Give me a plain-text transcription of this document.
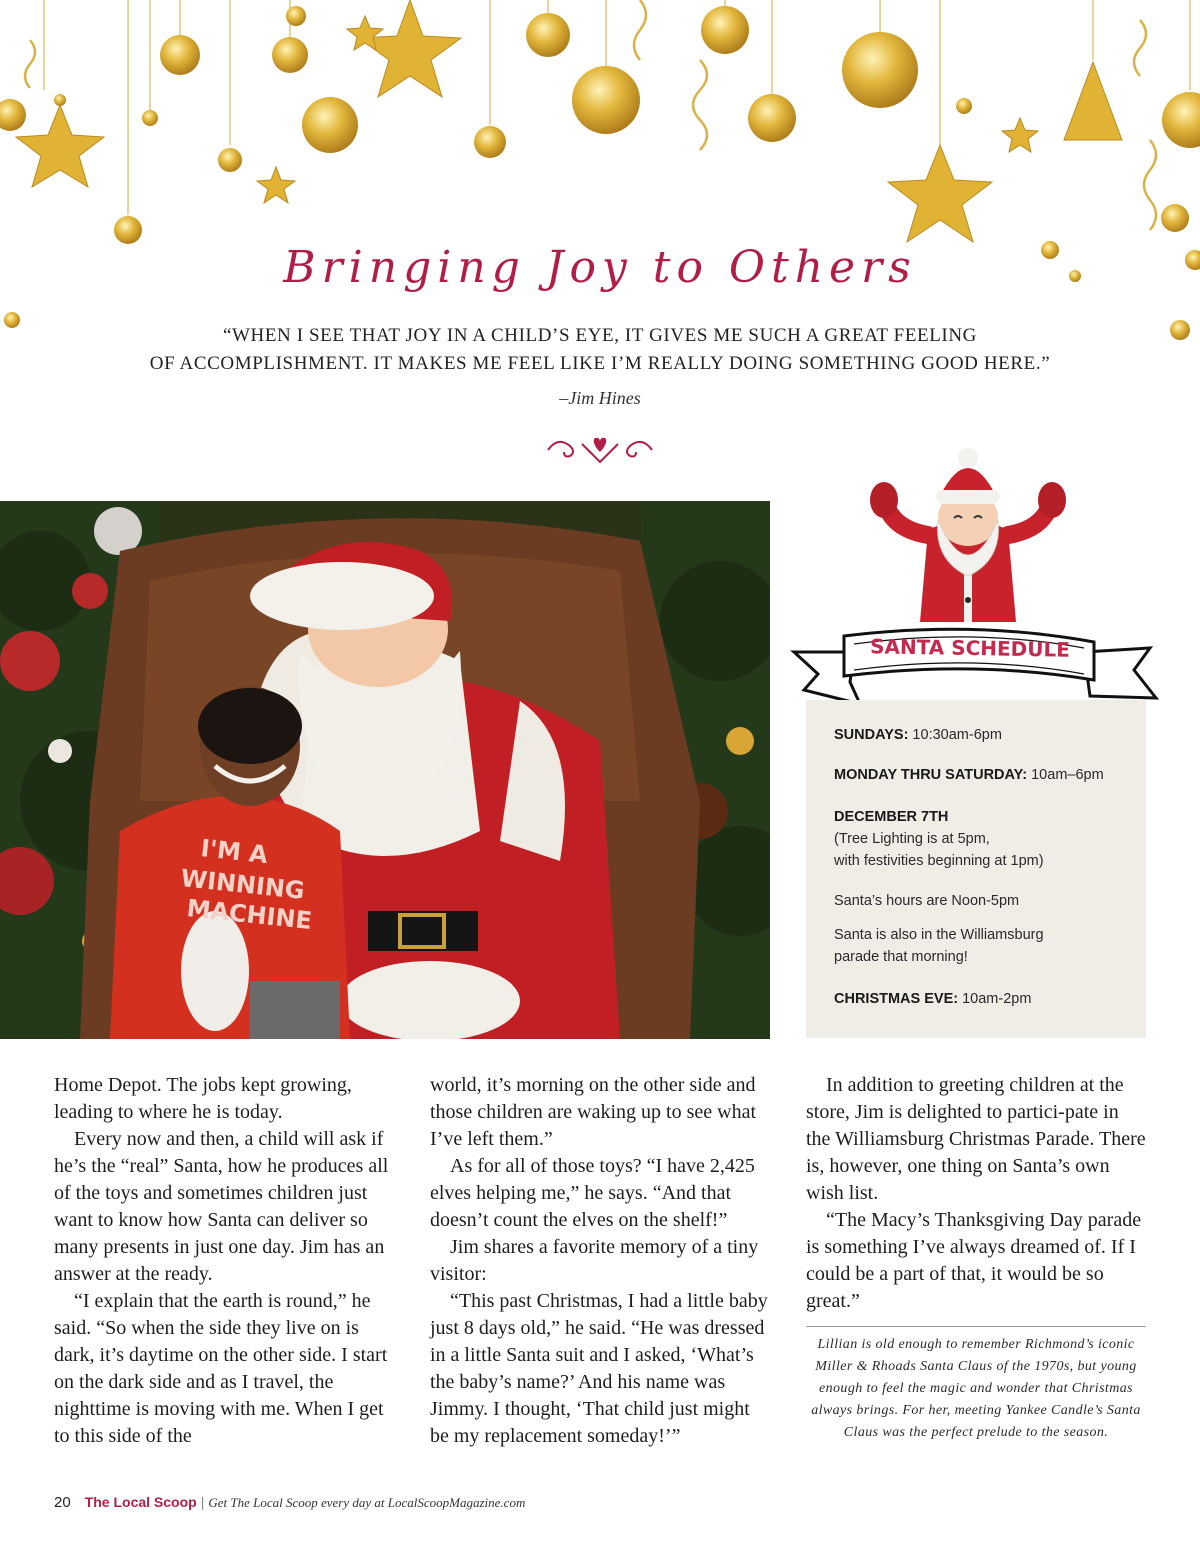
Bringing Joy to Others
“WHEN I SEE THAT JOY IN A CHILD’S EYE, IT GIVES ME SUCH A GREAT FEELING
OF ACCOMPLISHMENT. IT MAKES ME FEEL LIKE I’M REALLY DOING SOMETHING GOOD HERE.”
–Jim Hines
I'M A
WINNING
MACHINE
SANTA SCHEDULE
SUNDAYS: 10:30am-6pm
MONDAY THRU SATURDAY: 10am–6pm
DECEMBER 7TH
(Tree Lighting is at 5pm,
with festivities beginning at 1pm)
Santa’s hours are Noon-5pm
Santa is also in the Williamsburg
parade that morning!
CHRISTMAS EVE: 10am-2pm

Home Depot. The jobs kept growing, leading to where he is today.

Every now and then, a child will ask if he’s the “real” Santa, how he produces all of the toys and sometimes children just want to know how Santa can deliver so many presents in just one day. Jim has an answer at the ready.

“I explain that the earth is round,” he said. “So when the side they live on is dark, it’s daytime on the other side. I start on the dark side and as I travel, the nighttime is moving with me. When I get to this side of the

world, it’s morning on the other side and those children are waking up to see what I’ve left them.”

As for all of those toys? “I have 2,425 elves helping me,” he says. “And that doesn’t count the elves on the shelf!”

Jim shares a favorite memory of a tiny visitor:

“This past Christmas, I had a little baby just 8 days old,” he said. “He was dressed in a little Santa suit and I asked, ‘What’s the baby’s name?’ And his name was Jimmy. I thought, ‘That child just might be my replacement someday!’”

In addition to greeting children at the store, Jim is delighted to partici-pate in the Williamsburg Christmas Parade. There is, however, one thing on Santa’s own wish list.

“The Macy’s Thanksgiving Day parade is something I’ve always dreamed of. If I could be a part of that, it would be so great.”

Lillian is old enough to remember Richmond’s iconic Miller & Rhoads Santa Claus of the 1970s, but young enough to feel the magic and wonder that Christmas always brings. For her, meeting Yankee Candle’s Santa Claus was the perfect prelude to the season.
20 The Local Scoop | Get The Local Scoop every day at LocalScoopMagazine.com
